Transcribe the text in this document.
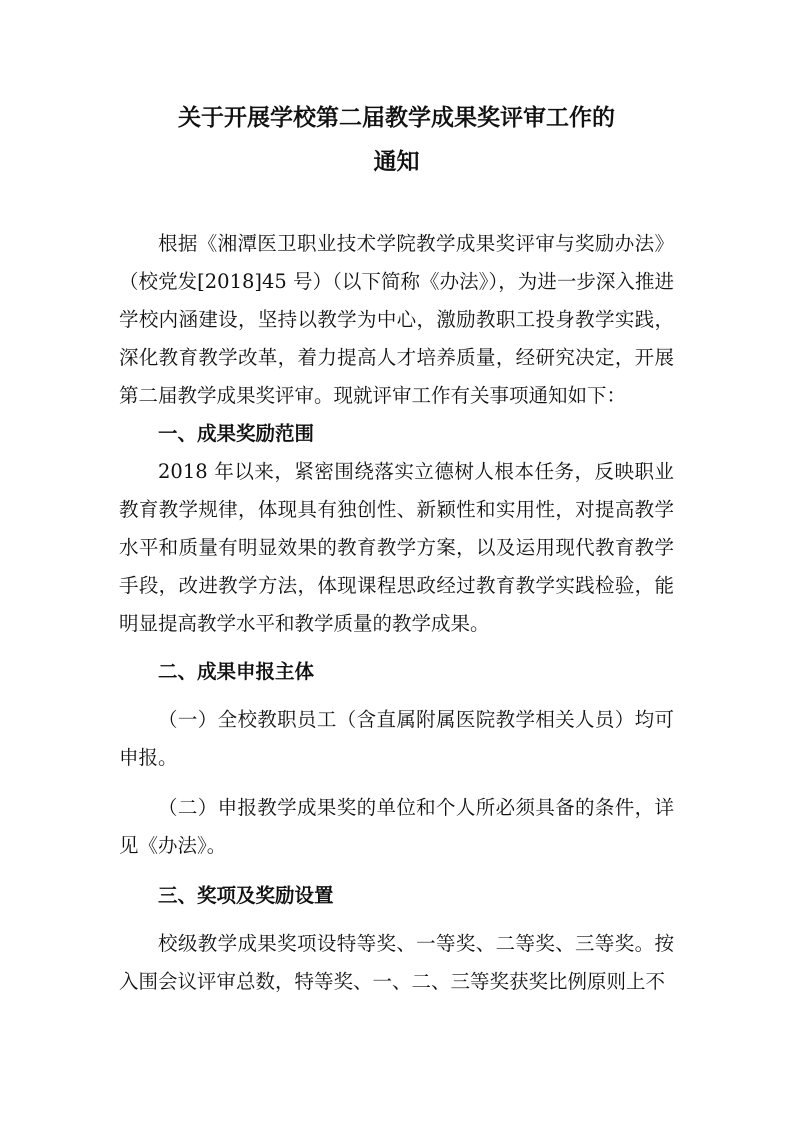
关于开展学校第二届教学成果奖评审工作的
通知

根据《湘潭医卫职业技术学院教学成果奖评审与奖励办法》（校党发[2018]45 号）（以下简称《办法》），为进一步深入推进学校内涵建设，坚持以教学为中心，激励教职工投身教学实践，深化教育教学改革，着力提高人才培养质量，经研究决定，开展第二届教学成果奖评审。现就评审工作有关事项通知如下：

一、成果奖励范围

2018 年以来，紧密围绕落实立德树人根本任务，反映职业教育教学规律，体现具有独创性、新颖性和实用性，对提高教学水平和质量有明显效果的教育教学方案，以及运用现代教育教学手段，改进教学方法，体现课程思政经过教育教学实践检验，能明显提高教学水平和教学质量的教学成果。

二、成果申报主体

（一）全校教职员工（含直属附属医院教学相关人员）均可申报。

（二）申报教学成果奖的单位和个人所必须具备的条件，详见《办法》。

三、奖项及奖励设置

校级教学成果奖项设特等奖、一等奖、二等奖、三等奖。按入围会议评审总数，特等奖、一、二、三等奖获奖比例原则上不
